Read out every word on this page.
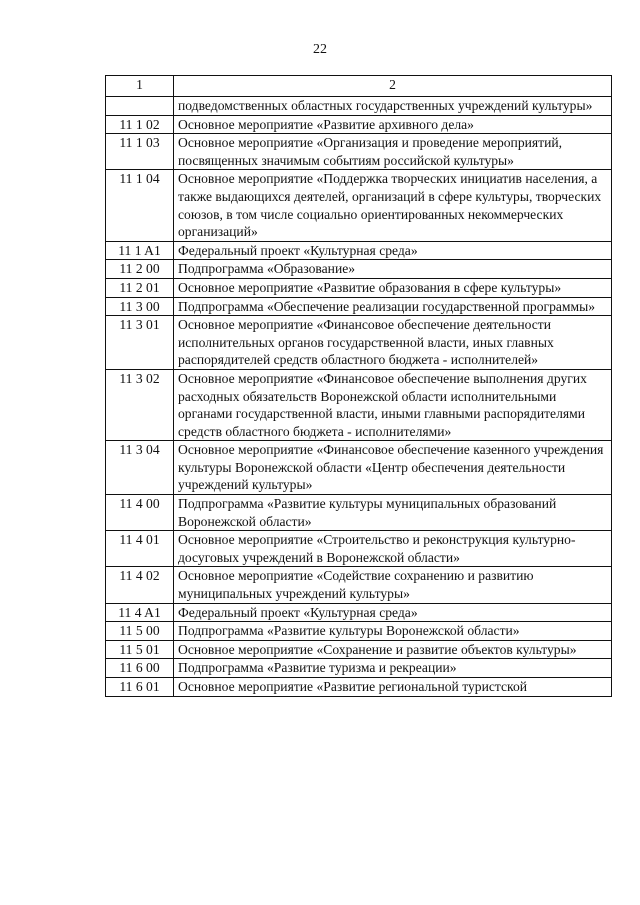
22
1	2
	подведомственных областных государственных учреждений культуры»
11 1 02	Основное мероприятие «Развитие архивного дела»
11 1 03	Основное мероприятие «Организация и проведение мероприятий, посвященных значимым событиям российской культуры»
11 1 04	Основное мероприятие «Поддержка творческих инициатив населения, а также выдающихся деятелей, организаций в сфере культуры, творческих союзов, в том числе социально ориентированных некоммерческих организаций»
11 1 A1	Федеральный проект «Культурная среда»
11 2 00	Подпрограмма «Образование»
11 2 01	Основное мероприятие «Развитие образования в сфере культуры»
11 3 00	Подпрограмма «Обеспечение реализации государственной программы»
11 3 01	Основное мероприятие «Финансовое обеспечение деятельности исполнительных органов государственной власти, иных главных распорядителей средств областного бюджета - исполнителей»
11 3 02	Основное мероприятие «Финансовое обеспечение выполнения других расходных обязательств Воронежской области исполнительными органами государственной власти, иными главными распорядителями средств областного бюджета - исполнителями»
11 3 04	Основное мероприятие «Финансовое обеспечение казенного учреждения культуры Воронежской области «Центр обеспечения деятельности учреждений культуры»
11 4 00	Подпрограмма «Развитие культуры муниципальных образований Воронежской области»
11 4 01	Основное мероприятие «Строительство и реконструкция культурно-досуговых учреждений в Воронежской области»
11 4 02	Основное мероприятие «Содействие сохранению и развитию муниципальных учреждений культуры»
11 4 A1	Федеральный проект «Культурная среда»
11 5 00	Подпрограмма «Развитие культуры Воронежской области»
11 5 01	Основное мероприятие «Сохранение и развитие объектов культуры»
11 6 00	Подпрограмма «Развитие туризма и рекреации»
11 6 01	Основное мероприятие «Развитие региональной туристской
